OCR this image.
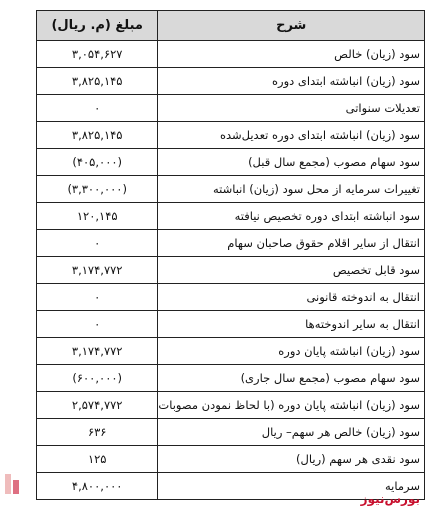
شرح	مبلغ (م. ریال)
سود (زیان) خالص	۳,۰۵۴,۶۲۷
سود (زیان) انباشته ابتدای دوره	۳,۸۲۵,۱۴۵
تعدیلات سنواتی	۰
سود (زیان) انباشته ابتدای دوره تعدیل‌شده	۳,۸۲۵,۱۴۵
سود سهام مصوب (مجمع سال قبل)	(۴۰۵,۰۰۰)
تغییرات سرمایه از محل سود (زیان) انباشته	(۳,۳۰۰,۰۰۰)
سود انباشته ابتدای دوره تخصیص نیافته	۱۲۰,۱۴۵
انتقال از سایر اقلام حقوق صاحبان سهام	۰
سود قابل تخصیص	۳,۱۷۴,۷۷۲
انتقال به اندوخته قانونی	۰
انتقال به سایر اندوخته‌ها	۰
سود (زیان) انباشته پایان دوره	۳,۱۷۴,۷۷۲
سود سهام مصوب (مجمع سال جاری)	(۶۰۰,۰۰۰)
سود (زیان) انباشته پایان دوره (با لحاظ نمودن مصوبات	۲,۵۷۴,۷۷۲
سود (زیان) خالص هر سهم– ریال	۶۳۶
سود نقدی هر سهم (ریال)	۱۲۵
سرمایه	۴,۸۰۰,۰۰۰
بورس‌نیوز
